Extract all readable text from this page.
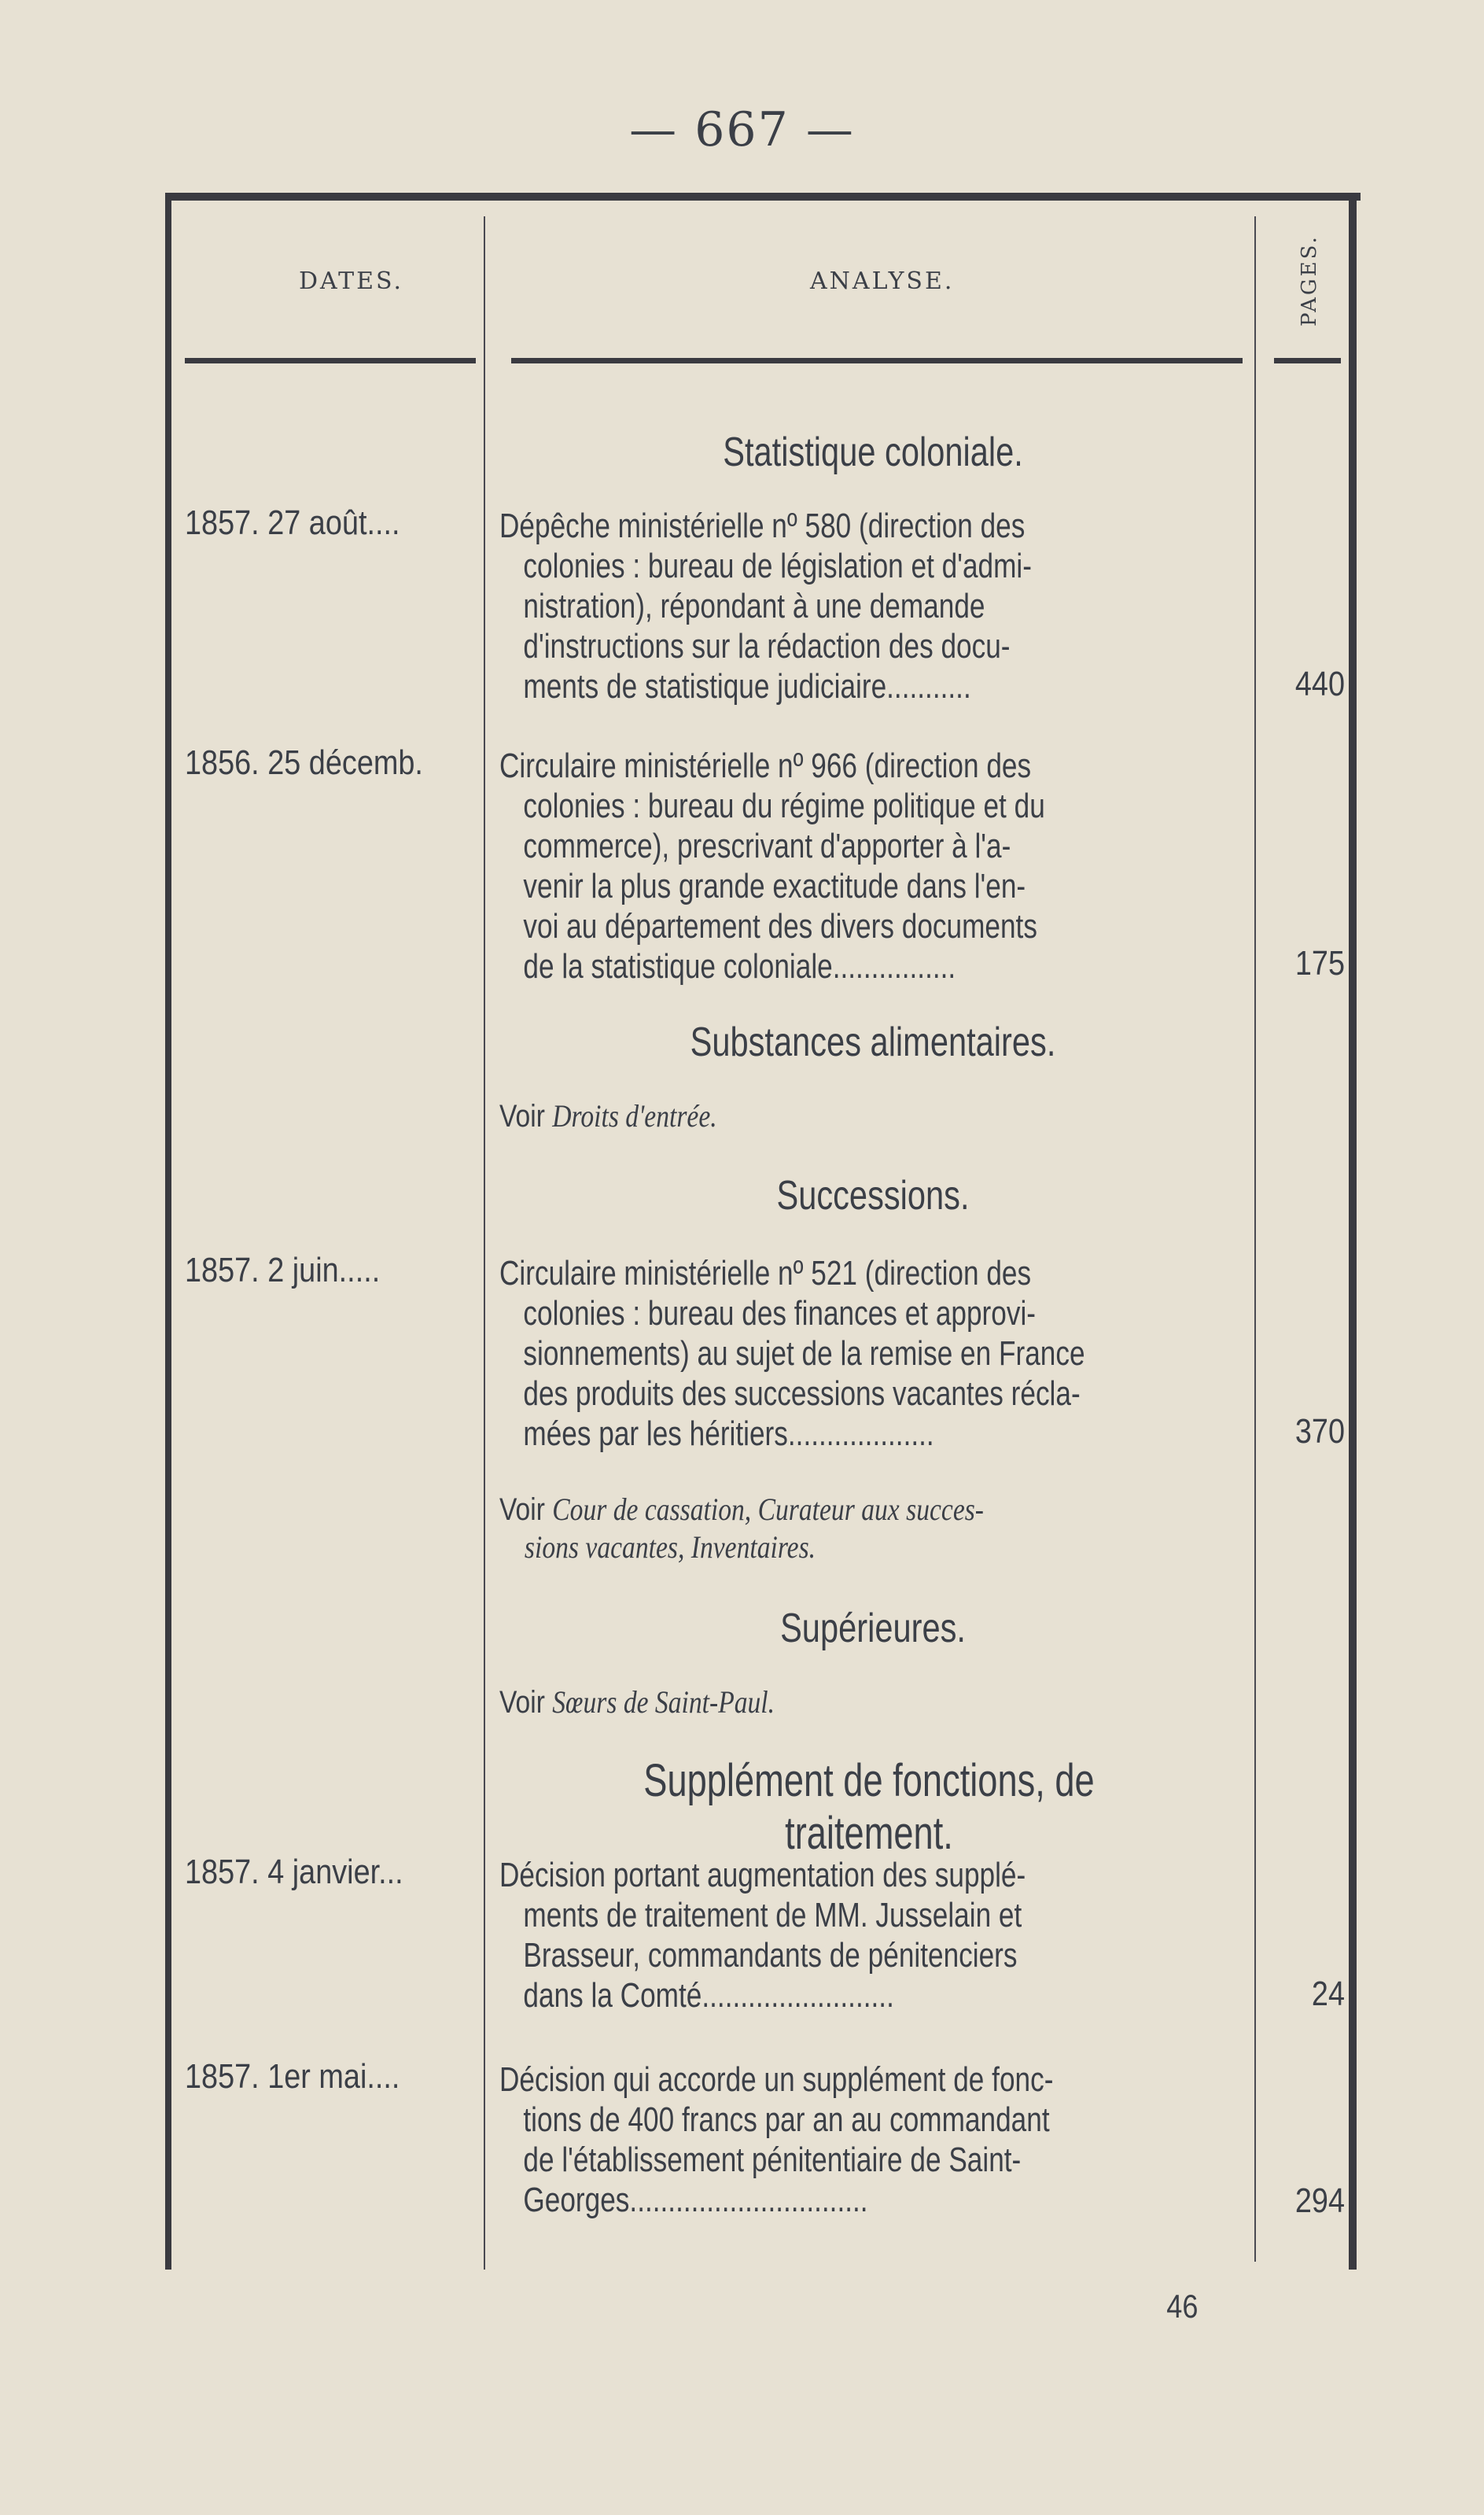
— 667 —
DATES.	ANALYSE.	PAGES.
Statistique coloniale.
1857. 27 août....	Dépêche ministérielle nº 580 (direction des
colonies : bureau de législation et d'admi-
nistration), répondant à une demande
d'instructions sur la rédaction des docu-
ments de statistique judiciaire...........	440
1856. 25 décemb.	Circulaire ministérielle nº 966 (direction des
colonies : bureau du régime politique et du
commerce), prescrivant d'apporter à l'a-
venir la plus grande exactitude dans l'en-
voi au département des divers documents
de la statistique coloniale................	175
Substances alimentaires.
Voir Droits d'entrée.
Successions.
1857. 2 juin.....	Circulaire ministérielle nº 521 (direction des
colonies : bureau des finances et approvi-
sionnements) au sujet de la remise en France
des produits des successions vacantes récla-
mées par les héritiers...................	370
Voir Cour de cassation, Curateur aux succes-
sions vacantes, Inventaires.
Supérieures.
Voir Sœurs de Saint-Paul.
Supplément de fonctions, de traitement.
1857. 4 janvier...	Décision portant augmentation des supplé-
ments de traitement de MM. Jusselain et
Brasseur, commandants de pénitenciers
dans la Comté.........................	24
1857. 1er mai....	Décision qui accorde un supplément de fonc-
tions de 400 francs par an au commandant
de l'établissement pénitentiaire de Saint-
Georges...............................	294
46
